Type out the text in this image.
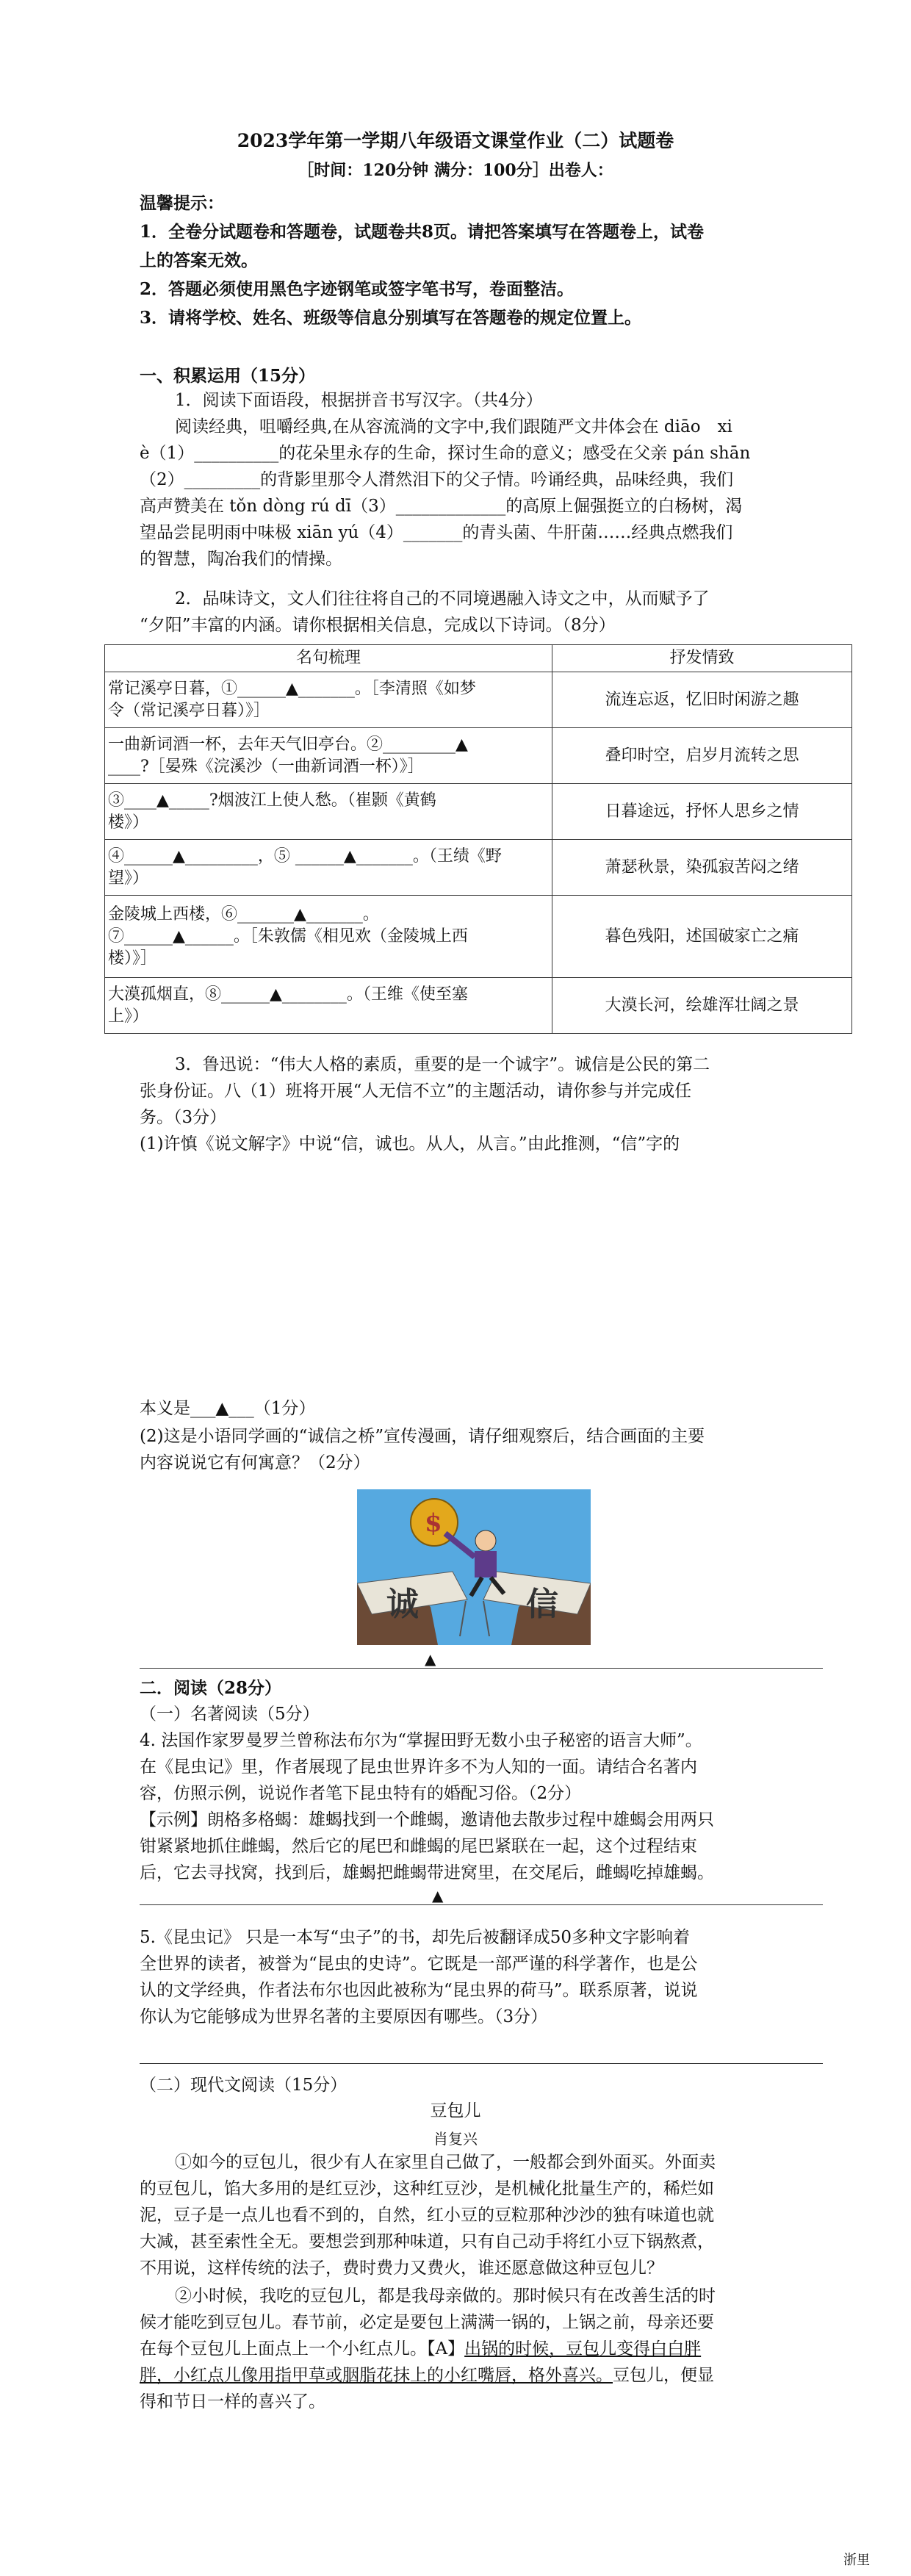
2023学年第一学期八年级语文课堂作业（二）试题卷
［时间：120分钟 满分：100分］出卷人：
温馨提示：
1．全卷分试题卷和答题卷，试题卷共8页。请把答案填写在答题卷上，试卷
上的答案无效。
2．答题必须使用黑色字迹钢笔或签字笔书写，卷面整洁。
3．请将学校、姓名、班级等信息分别填写在答题卷的规定位置上。
一、积累运用（15分）
1．阅读下面语段，根据拼音书写汉字。（共4分）
阅读经典，咀嚼经典,在从容流淌的文字中,我们跟随严文井体会在 diāo　xi
è（1）__________的花朵里永存的生命，探讨生命的意义；感受在父亲 pán shān
（2）_________的背影里那令人潸然泪下的父子情。吟诵经典，品味经典，我们
高声赞美在 tǒn dòng rú dī（3）_____________的高原上倔强挺立的白杨树，渴
望品尝昆明雨中味极 xiān yú（4）_______的青头菌、牛肝菌……经典点燃我们
的智慧，陶冶我们的情操。
2．品味诗文，文人们往往将自己的不同境遇融入诗文之中，从而赋予了
“夕阳”丰富的内涵。请你根据相关信息，完成以下诗词。（8分）
名句梳理	抒发情致

常记溪亭日暮，①______▲_______。［李清照《如梦
令（常记溪亭日暮）》］	流连忘返，忆旧时闲游之趣

一曲新词酒一杯，去年天气旧亭台。②_________▲
____?［晏殊《浣溪沙（一曲新词酒一杯）》］	叠印时空，启岁月流转之思

③____▲_____?烟波江上使人愁。（崔颢《黄鹤
楼》）	日暮途远，抒怀人思乡之情

④______▲_________，⑤ ______▲_______。（王绩《野
望》）	萧瑟秋景，染孤寂苦闷之绪

金陵城上西楼，⑥_______▲_______。
⑦______▲______。［朱敦儒《相见欢（金陵城上西
楼）》］	暮色残阳，述国破家亡之痛

大漠孤烟直，⑧______▲________。（王维《使至塞
上》）	大漠长河，绘雄浑壮阔之景
3．鲁迅说：“伟大人格的素质，重要的是一个诚字”。诚信是公民的第二
张身份证。八（1）班将开展“人无信不立”的主题活动，请你参与并完成任
务。（3分）
(1)许慎《说文解字》中说“信，诚也。从人，从言。”由此推测，“信”字的
本义是___▲___（1分）
(2)这是小语同学画的“诚信之桥”宣传漫画，请仔细观察后，结合画面的主要
内容说说它有何寓意？（2分）
$
诚	信
▲
二．阅读（28分）
（一）名著阅读（5分）
4. 法国作家罗曼罗兰曾称法布尔为“掌握田野无数小虫子秘密的语言大师”。
在《昆虫记》里，作者展现了昆虫世界许多不为人知的一面。请结合名著内
容，仿照示例，说说作者笔下昆虫特有的婚配习俗。（2分）
【示例】朗格多格蝎：雄蝎找到一个雌蝎，邀请他去散步过程中雄蝎会用两只
钳紧紧地抓住雌蝎，然后它的尾巴和雌蝎的尾巴紧联在一起，这个过程结束
后，它去寻找窝，找到后，雄蝎把雌蝎带进窝里，在交尾后，雌蝎吃掉雄蝎。
▲
5.《昆虫记》 只是一本写“虫子”的书，却先后被翻译成50多种文字影响着
全世界的读者，被誉为“昆虫的史诗”。它既是一部严谨的科学著作，也是公
认的文学经典，作者法布尔也因此被称为“昆虫界的荷马”。联系原著，说说
你认为它能够成为世界名著的主要原因有哪些。（3分）
（二）现代文阅读（15分）
豆包儿
肖复兴
①如今的豆包儿，很少有人在家里自己做了，一般都会到外面买。外面卖
的豆包儿，馅大多用的是红豆沙，这种红豆沙，是机械化批量生产的，稀烂如
泥，豆子是一点儿也看不到的，自然，红小豆的豆粒那种沙沙的独有味道也就
大减，甚至索性全无。要想尝到那种味道，只有自己动手将红小豆下锅熬煮，
不用说，这样传统的法子，费时费力又费火，谁还愿意做这种豆包儿？
②小时候，我吃的豆包儿，都是我母亲做的。那时候只有在改善生活的时
候才能吃到豆包儿。春节前，必定是要包上满满一锅的，上锅之前，母亲还要
在每个豆包儿上面点上一个小红点儿。【A】出锅的时候，豆包儿变得白白胖
胖，小红点儿像用指甲草或胭脂花抹上的小红嘴唇，格外喜兴。豆包儿，便显
得和节日一样的喜兴了。
浙里
